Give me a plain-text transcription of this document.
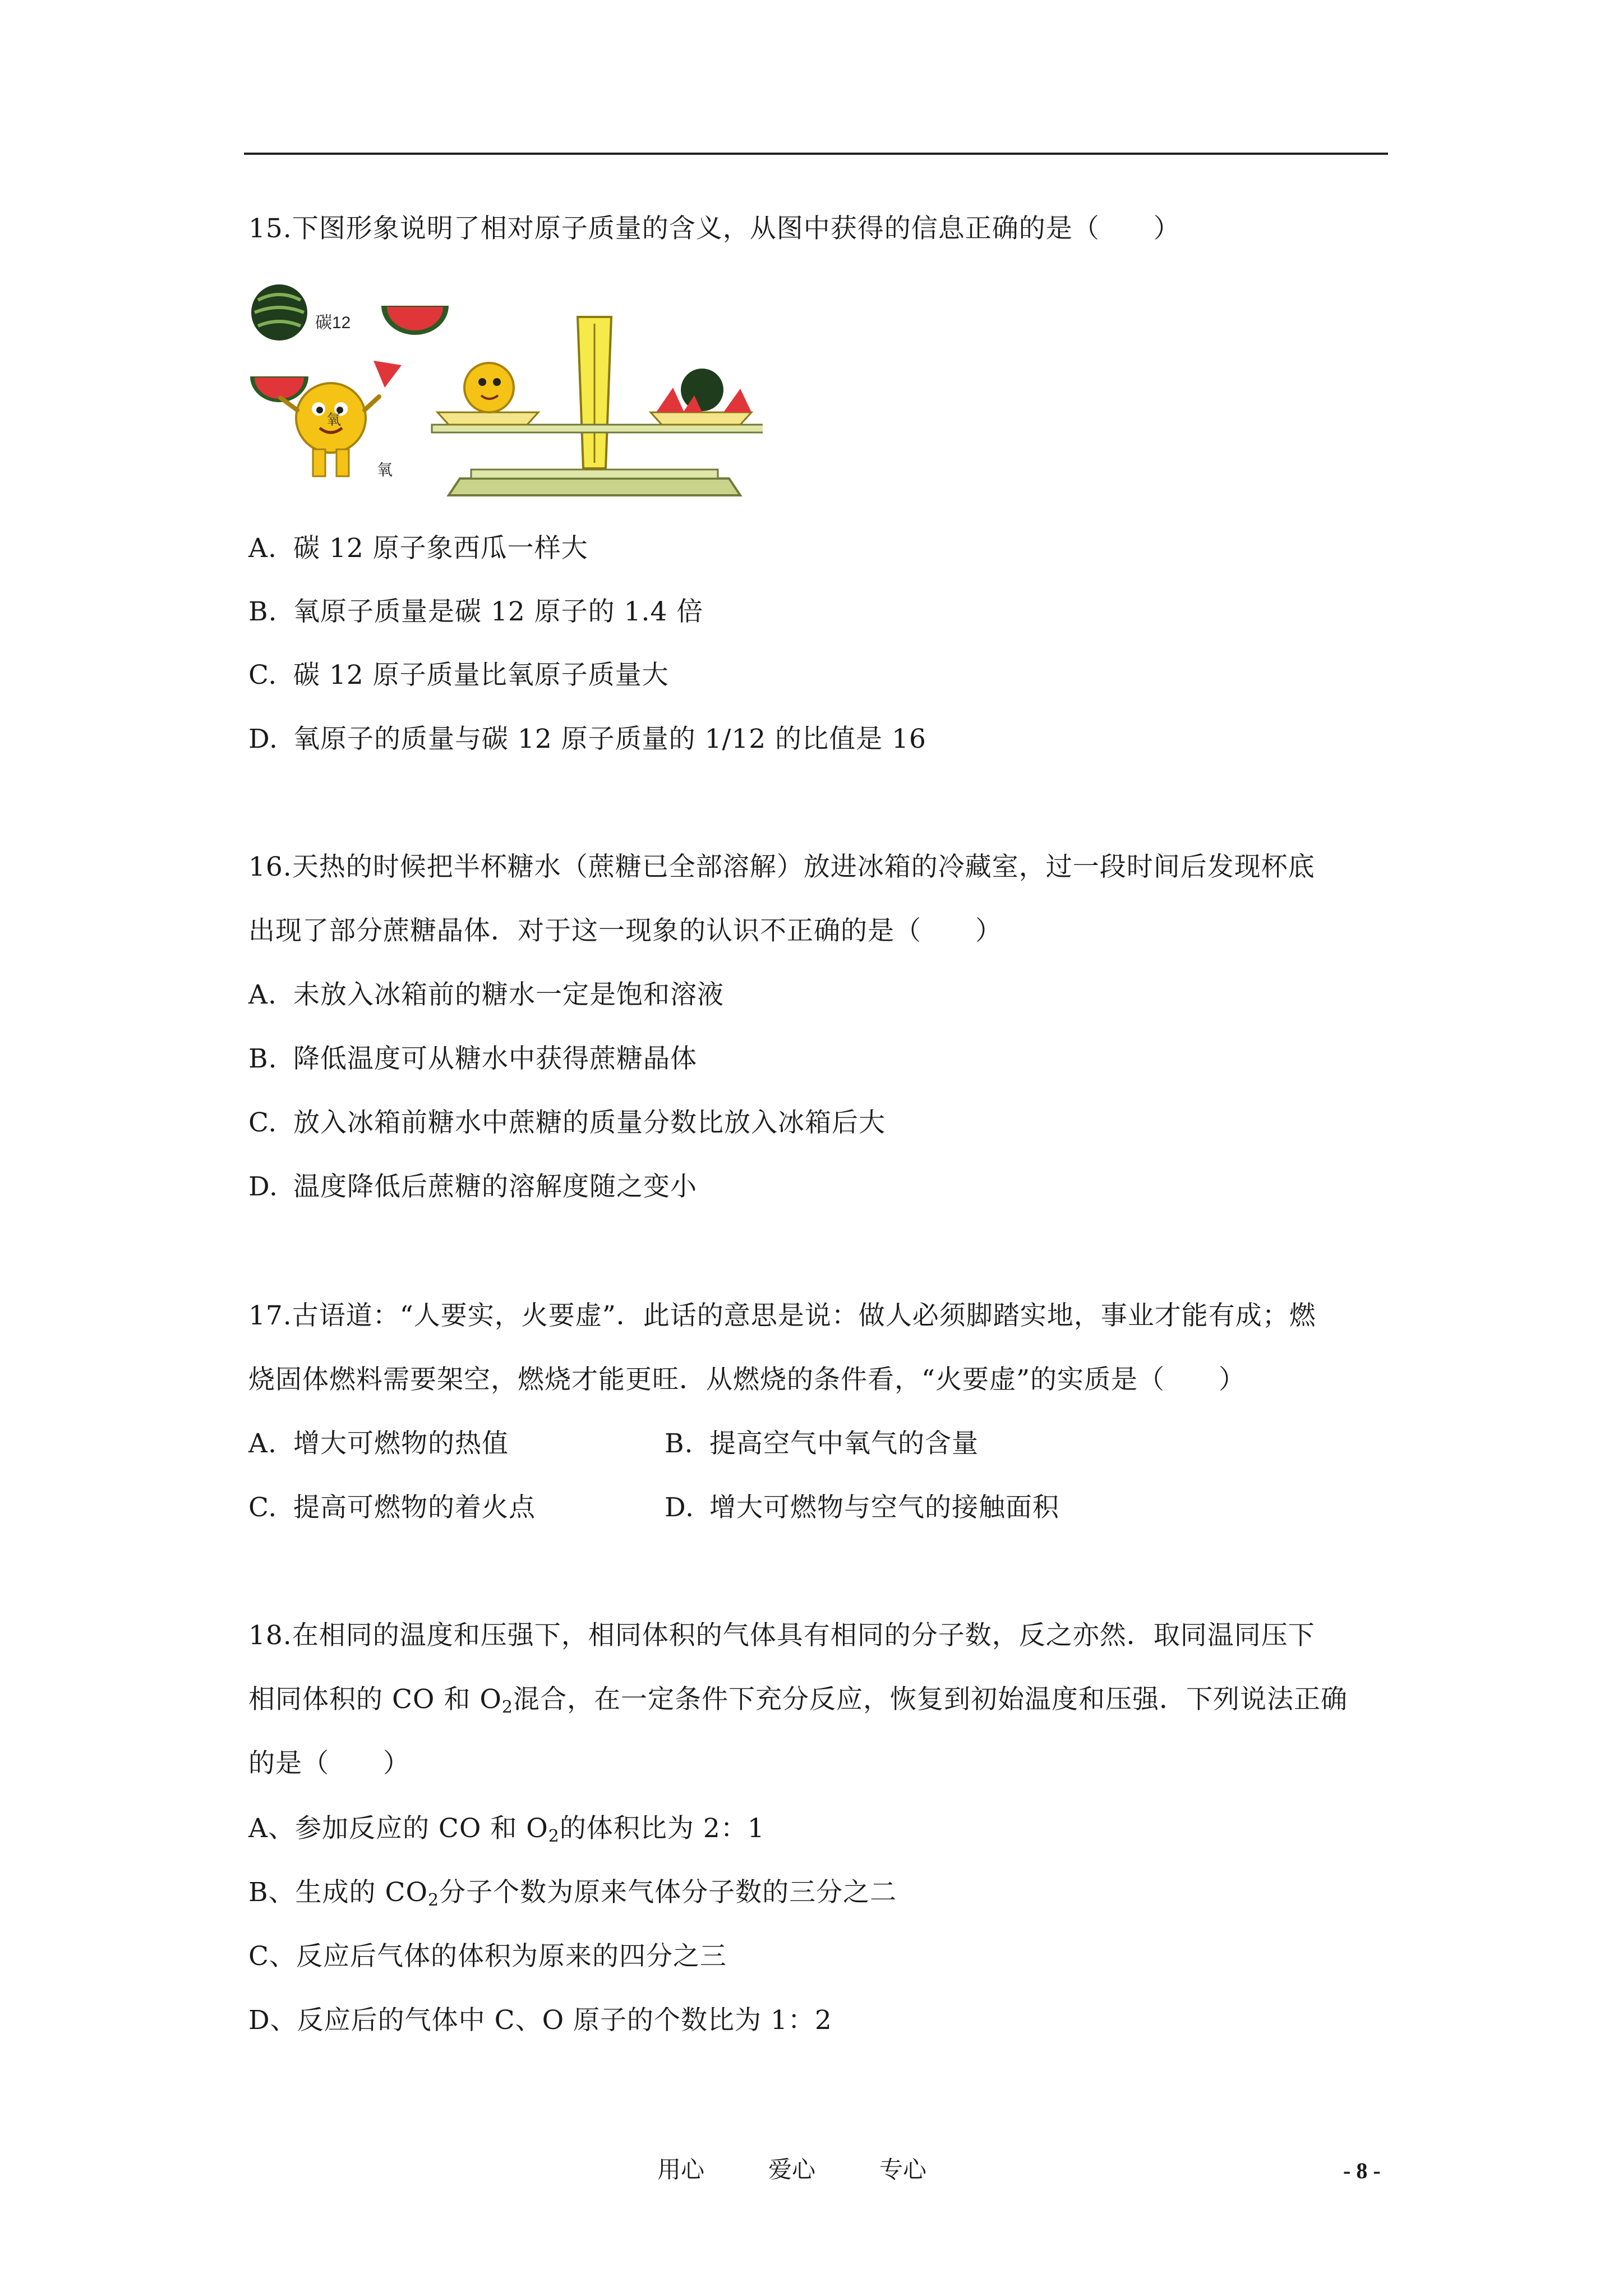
15.下图形象说明了相对原子质量的含义，从图中获得的信息正确的是（　　）
碳12
氧
氧
A. 碳 12 原子象西瓜一样大
B. 氧原子质量是碳 12 原子的 1.4 倍
C. 碳 12 原子质量比氧原子质量大
D. 氧原子的质量与碳 12 原子质量的 1/12 的比值是 16
16.天热的时候把半杯糖水（蔗糖已全部溶解）放进冰箱的冷藏室，过一段时间后发现杯底
出现了部分蔗糖晶体．对于这一现象的认识不正确的是（　　）
A. 未放入冰箱前的糖水一定是饱和溶液
B. 降低温度可从糖水中获得蔗糖晶体
C. 放入冰箱前糖水中蔗糖的质量分数比放入冰箱后大
D. 温度降低后蔗糖的溶解度随之变小
17.古语道：“人要实，火要虚”．此话的意思是说：做人必须脚踏实地，事业才能有成；燃
烧固体燃料需要架空，燃烧才能更旺．从燃烧的条件看，“火要虚”的实质是（　　）
A. 增大可燃物的热值	B. 提高空气中氧气的含量
C. 提高可燃物的着火点	D. 增大可燃物与空气的接触面积
18.在相同的温度和压强下，相同体积的气体具有相同的分子数，反之亦然．取同温同压下
相同体积的 CO 和 $O_2$混合，在一定条件下充分反应，恢复到初始温度和压强．下列说法正确
的是（　　）
A、参加反应的 CO 和 $O_2$的体积比为 2：1
B、生成的 $CO_2$分子个数为原来气体分子数的三分之二
C、反应后气体的体积为原来的四分之三
D、反应后的气体中 C、O 原子的个数比为 1：2
用心	爱心	专心	- 8 -
